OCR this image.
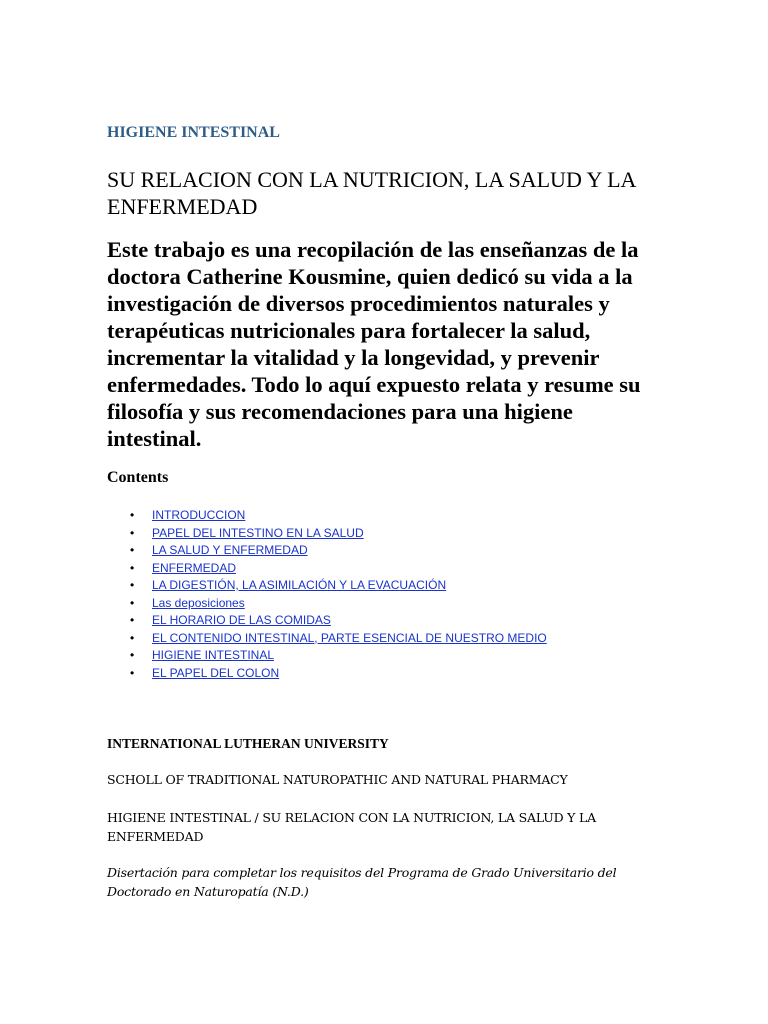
HIGIENE INTESTINAL
SU RELACION CON LA NUTRICION, LA SALUD Y LA ENFERMEDAD

Este trabajo es una recopilación de las enseñanzas de la doctora Catherine Kousmine, quien dedicó su vida a la investigación de diversos procedimientos naturales y terapéuticas nutricionales para fortalecer la salud, incrementar la vitalidad y la longevidad, y prevenir enfermedades. Todo lo aquí expuesto relata y resume su filosofía y sus recomendaciones para una higiene intestinal.

Contents
• INTRODUCCION
• PAPEL DEL INTESTINO EN LA SALUD
• LA SALUD Y ENFERMEDAD
• ENFERMEDAD
• LA DIGESTIÓN, LA ASIMILACIÓN Y LA EVACUACIÓN
• Las deposiciones
• EL HORARIO DE LAS COMIDAS
• EL CONTENIDO INTESTINAL, PARTE ESENCIAL DE NUESTRO MEDIO
• HIGIENE INTESTINAL
• EL PAPEL DEL COLON

INTERNATIONAL LUTHERAN UNIVERSITY

SCHOLL OF TRADITIONAL NATUROPATHIC AND NATURAL PHARMACY

HIGIENE INTESTINAL / SU RELACION CON LA NUTRICION, LA SALUD Y LA ENFERMEDAD

Disertación para completar los requisitos del Programa de Grado Universitario del Doctorado en Naturopatía (N.D.)
